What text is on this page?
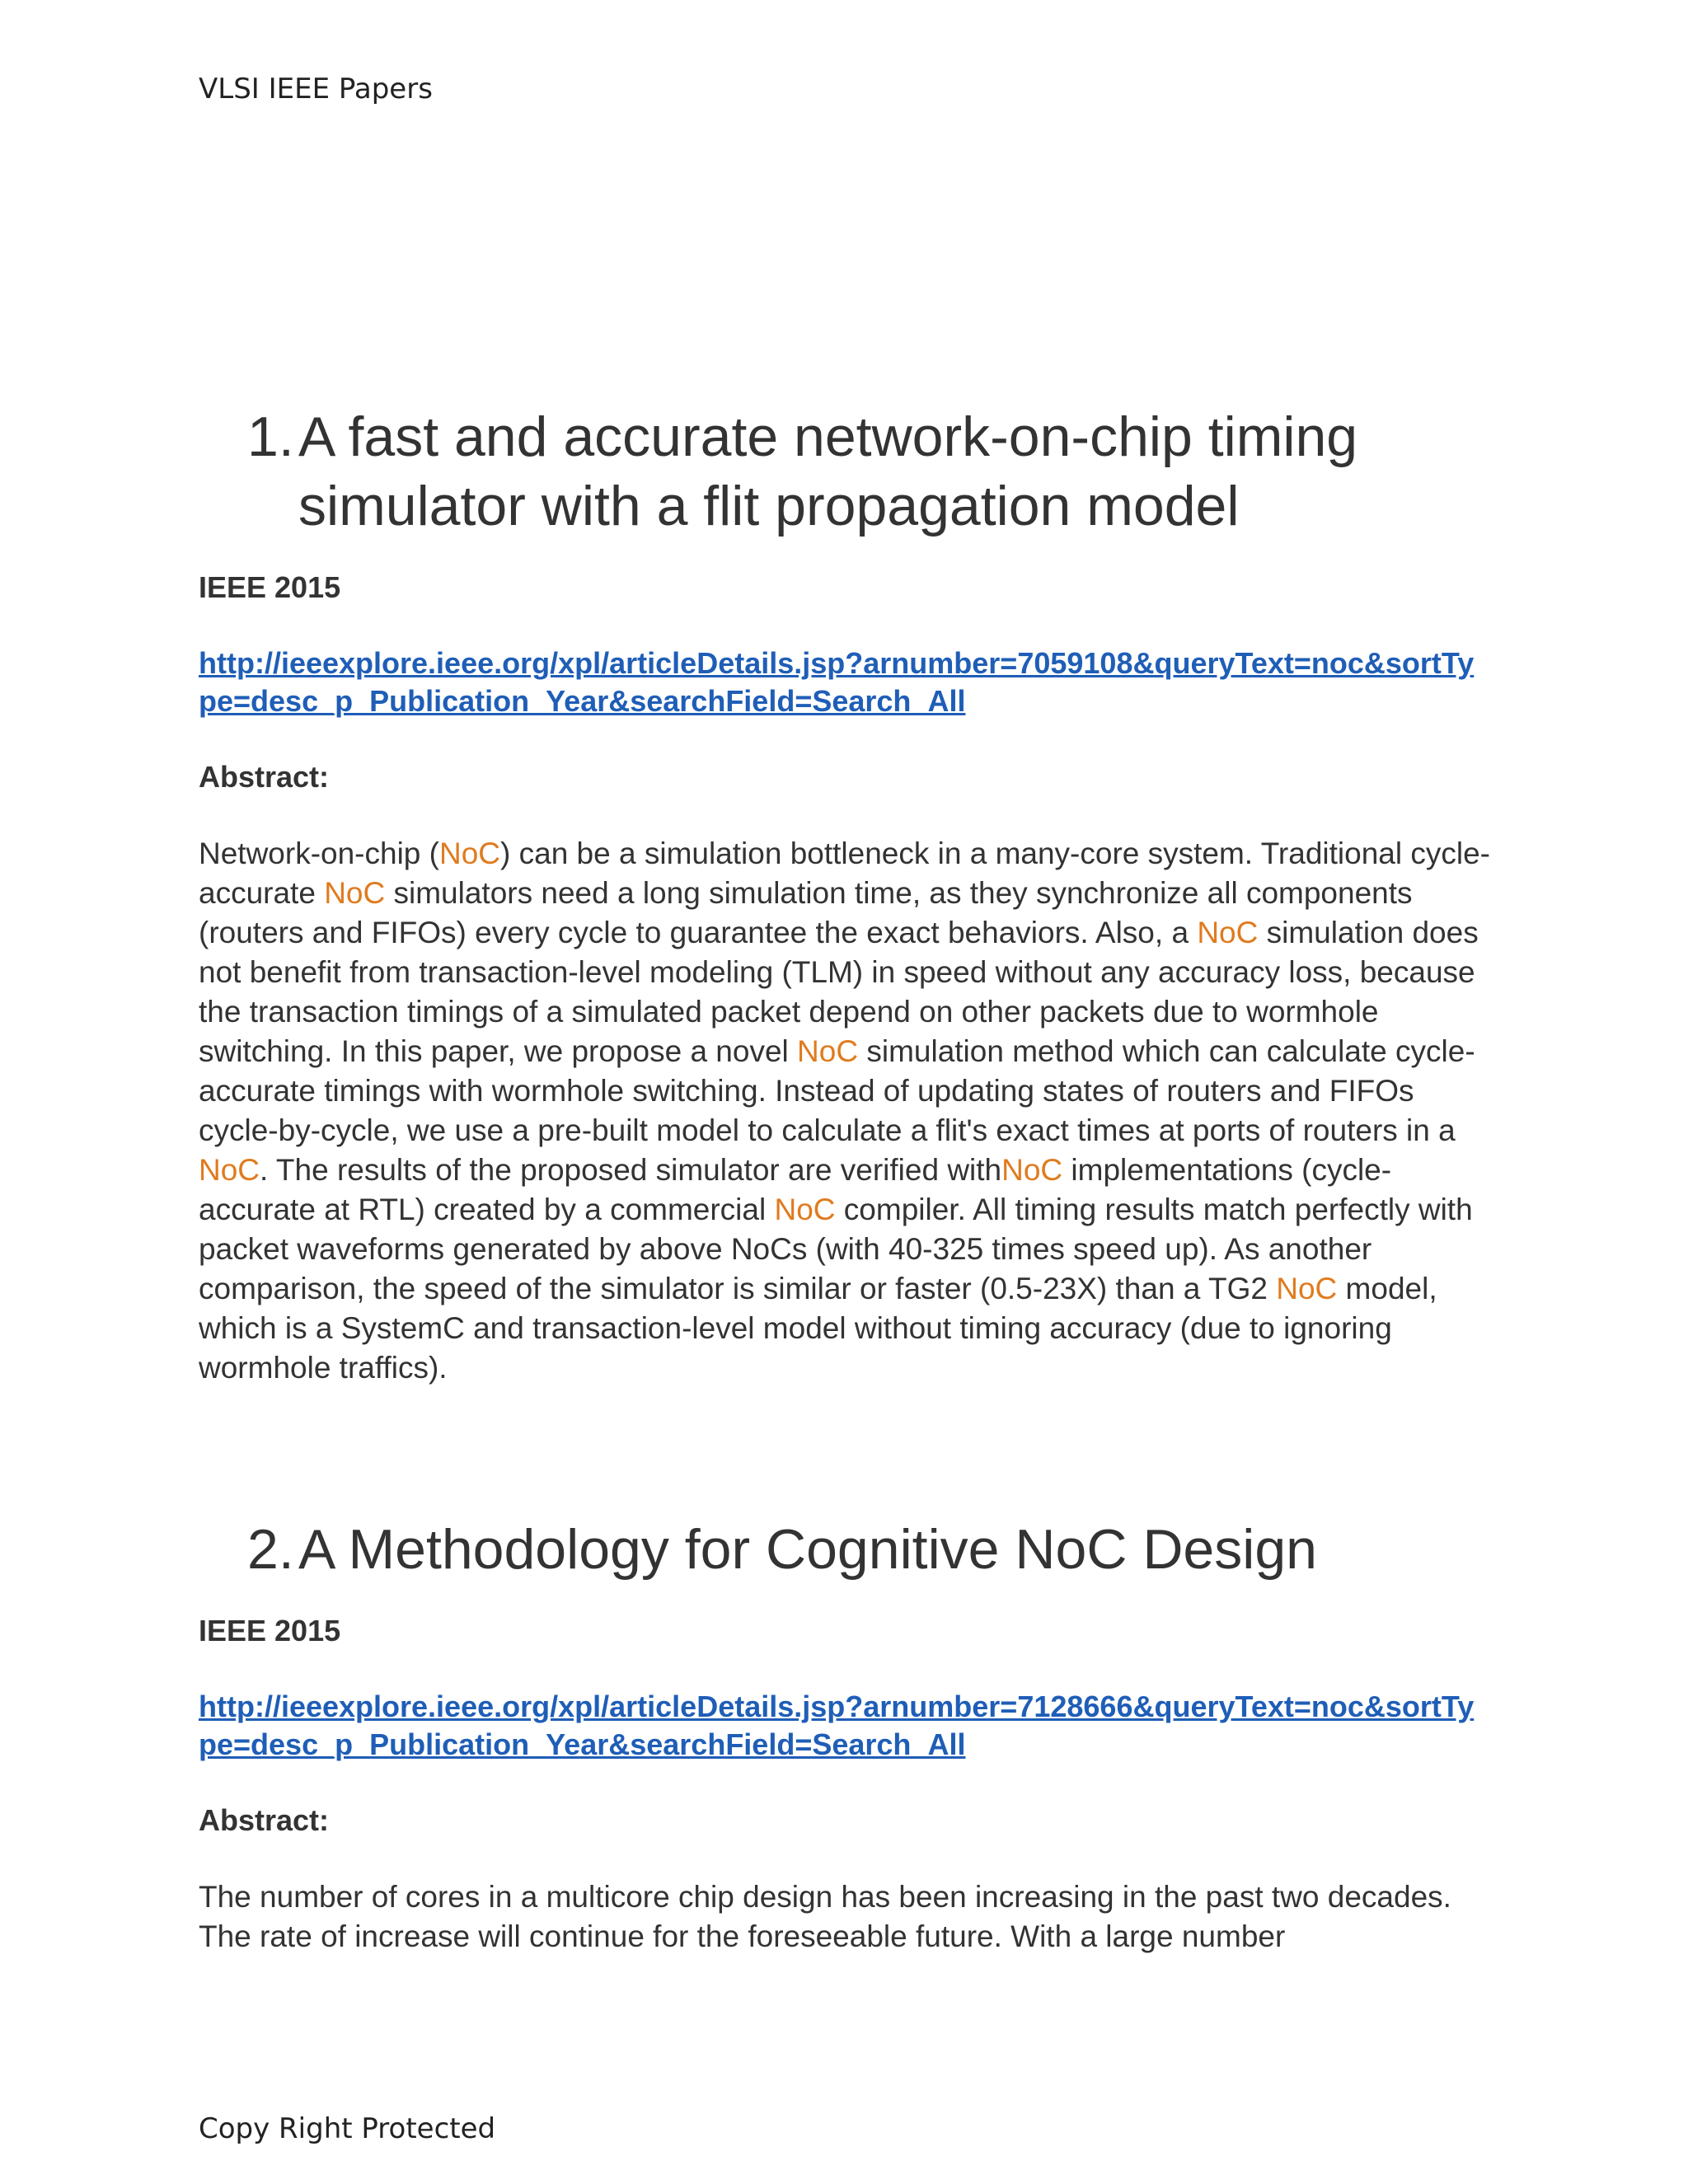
VLSI IEEE Papers
1. A fast and accurate network-on-chip timing simulator with a flit propagation model
IEEE 2015
http://ieeexplore.ieee.org/xpl/articleDetails.jsp?arnumber=7059108&queryText=noc&sortType=desc_p_Publication_Year&searchField=Search_All
Abstract:
Network-on-chip (NoC) can be a simulation bottleneck in a many-core system. Traditional cycle-accurate NoC simulators need a long simulation time, as they synchronize all components (routers and FIFOs) every cycle to guarantee the exact behaviors. Also, a NoC simulation does not benefit from transaction-level modeling (TLM) in speed without any accuracy loss, because the transaction timings of a simulated packet depend on other packets due to wormhole switching. In this paper, we propose a novel NoC simulation method which can calculate cycle-accurate timings with wormhole switching. Instead of updating states of routers and FIFOs cycle-by-cycle, we use a pre-built model to calculate a flit's exact times at ports of routers in a NoC. The results of the proposed simulator are verified withNoC implementations (cycle-accurate at RTL) created by a commercial NoC compiler. All timing results match perfectly with packet waveforms generated by above NoCs (with 40-325 times speed up). As another comparison, the speed of the simulator is similar or faster (0.5-23X) than a TG2 NoC model, which is a SystemC and transaction-level model without timing accuracy (due to ignoring wormhole traffics).
2. A Methodology for Cognitive NoC Design
IEEE 2015
http://ieeexplore.ieee.org/xpl/articleDetails.jsp?arnumber=7128666&queryText=noc&sortType=desc_p_Publication_Year&searchField=Search_All
Abstract:
The number of cores in a multicore chip design has been increasing in the past two decades. The rate of increase will continue for the foreseeable future. With a large number
Copy Right Protected
